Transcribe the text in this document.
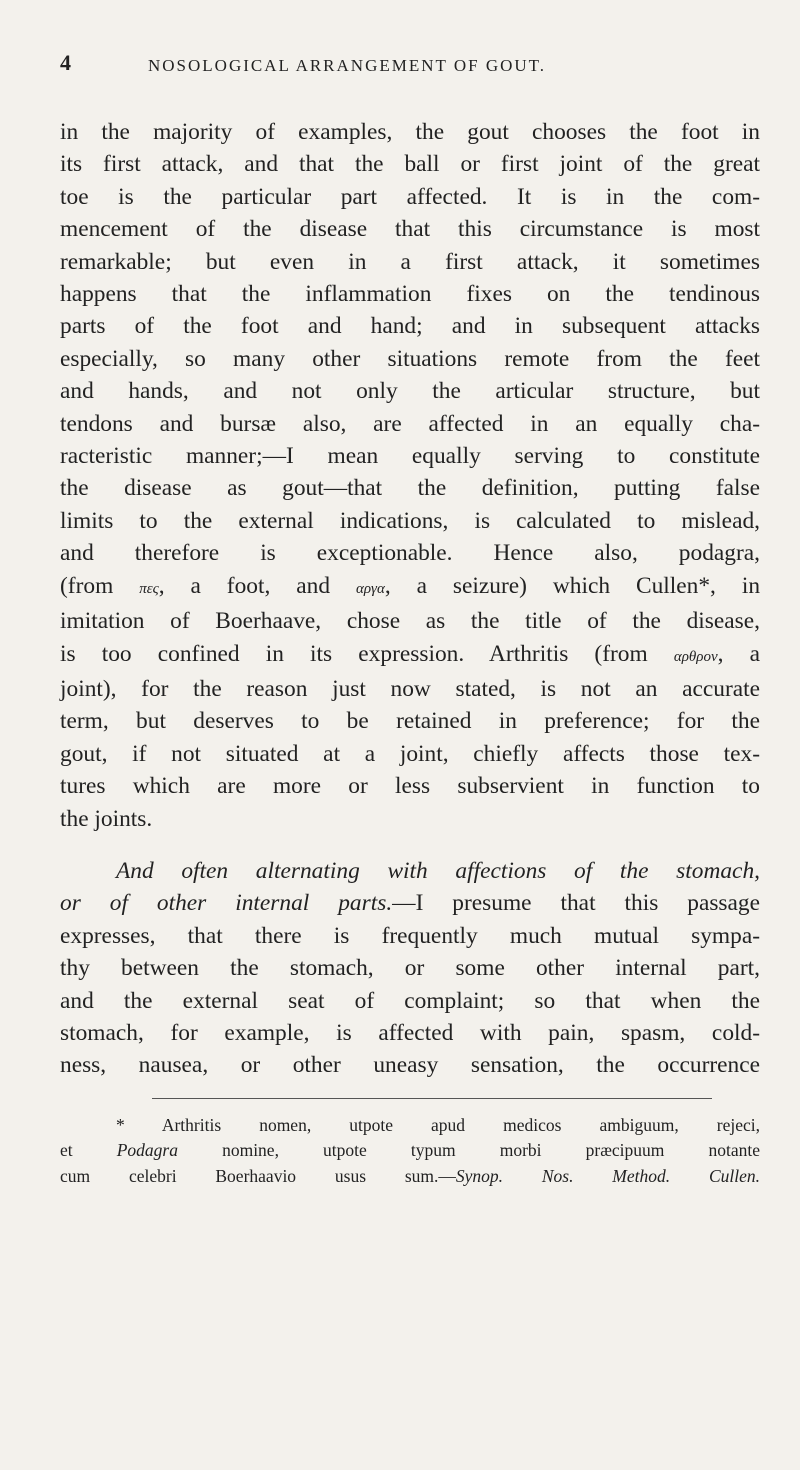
4	NOSOLOGICAL ARRANGEMENT OF GOUT.

in the majority of examples, the gout chooses the foot in
its first attack, and that the ball or first joint of the great
toe is the particular part affected. It is in the com-
mencement of the disease that this circumstance is most
remarkable; but even in a first attack, it sometimes
happens that the inflammation fixes on the tendinous
parts of the foot and hand; and in subsequent attacks
especially, so many other situations remote from the feet
and hands, and not only the articular structure, but
tendons and bursæ also, are affected in an equally cha-
racteristic manner;—I mean equally serving to constitute
the disease as gout—that the definition, putting false
limits to the external indications, is calculated to mislead,
and therefore is exceptionable. Hence also, podagra,
(from πες, a foot, and αργα, a seizure) which Cullen*, in
imitation of Boerhaave, chose as the title of the disease,
is too confined in its expression. Arthritis (from αρθρον, a
joint), for the reason just now stated, is not an accurate
term, but deserves to be retained in preference; for the
gout, if not situated at a joint, chiefly affects those tex-
tures which are more or less subservient in function to
the joints.

And often alternating with affections of the stomach,
or of other internal parts.—I presume that this passage
expresses, that there is frequently much mutual sympa-
thy between the stomach, or some other internal part,
and the external seat of complaint; so that when the
stomach, for example, is affected with pain, spasm, cold-
ness, nausea, or other uneasy sensation, the occurrence

* Arthritis nomen, utpote apud medicos ambiguum, rejeci,
et Podagra nomine, utpote typum morbi præcipuum notante
cum celebri Boerhaavio usus sum.—Synop. Nos. Method. Cullen.
